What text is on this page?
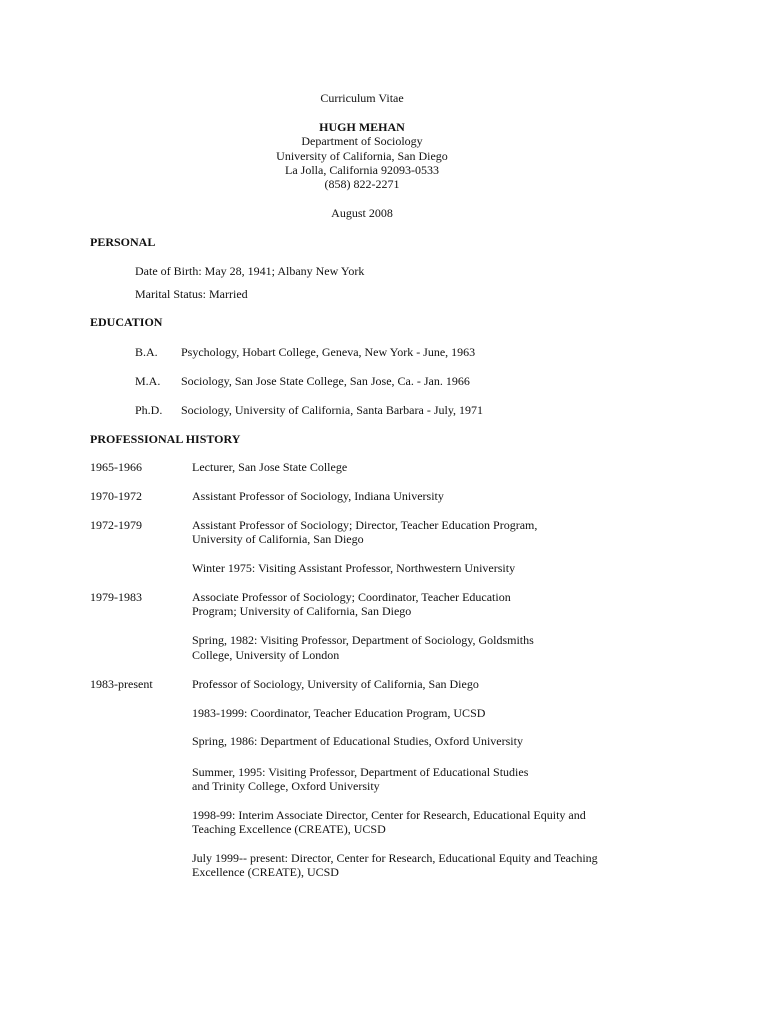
Curriculum Vitae
HUGH MEHAN
Department of Sociology
University of California, San Diego
La Jolla, California 92093-0533
(858) 822-2271
August 2008
PERSONAL
Date of Birth: May 28, 1941; Albany New York
Marital Status: Married
EDUCATION
B.A. Psychology, Hobart College, Geneva, New York - June, 1963
M.A. Sociology, San Jose State College, San Jose, Ca. - Jan. 1966
Ph.D. Sociology, University of California, Santa Barbara - July, 1971
PROFESSIONAL HISTORY
1965-1966	Lecturer, San Jose State College
1970-1972	Assistant Professor of Sociology, Indiana University
1972-1979	Assistant Professor of Sociology; Director, Teacher Education Program,
University of California, San Diego
Winter 1975: Visiting Assistant Professor, Northwestern University
1979-1983	Associate Professor of Sociology; Coordinator, Teacher Education
Program; University of California, San Diego
Spring, 1982: Visiting Professor, Department of Sociology, Goldsmiths
College, University of London
1983-present	Professor of Sociology, University of California, San Diego
1983-1999: Coordinator, Teacher Education Program, UCSD
Spring, 1986: Department of Educational Studies, Oxford University
Summer, 1995: Visiting Professor, Department of Educational Studies
and Trinity College, Oxford University
1998-99: Interim Associate Director, Center for Research, Educational Equity and
Teaching Excellence (CREATE), UCSD
July 1999-- present: Director, Center for Research, Educational Equity and Teaching
Excellence (CREATE), UCSD
